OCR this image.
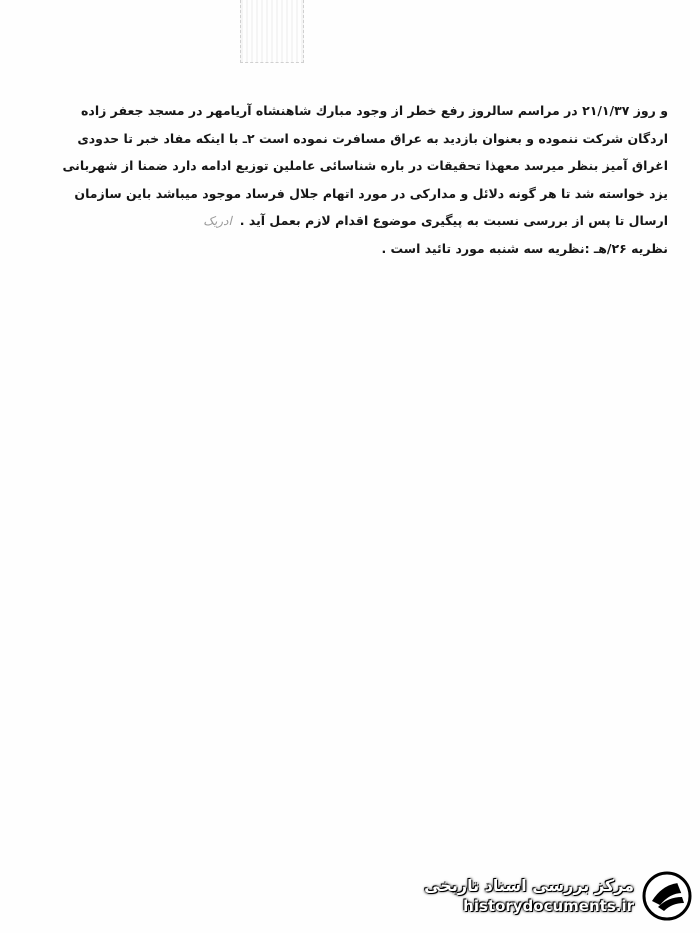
و روز ۲۱/۱/۳۷ در مراسم سالروز رفع خطر از وجود مبارك شاهنشاه آریامهر در مسجد جعفر زاده
اردگان شرکت ننموده و بعنوان بازدید به عراق مسافرت نموده است ۲ـ با اینکه مفاد خبر تا حدودی
اغراق آمیز بنظر میرسد معهذا تحقیقات در باره شناسائی عاملین توزیع ادامه دارد ضمنا از شهربانی
یزد خواسته شد تا هر گونه دلائل و مدارکی در مورد اتهام جلال فرساد موجود میباشد باین سازمان
ارسال تا پس از بررسی نسبت به پیگیری موضوع اقدام لازم بعمل آید .ادریک
نظریه ۲۶/هـ :نظریه سه شنبه مورد تائید است .
مرکز بررسی اسناد تاریخی
historydocuments.ir
